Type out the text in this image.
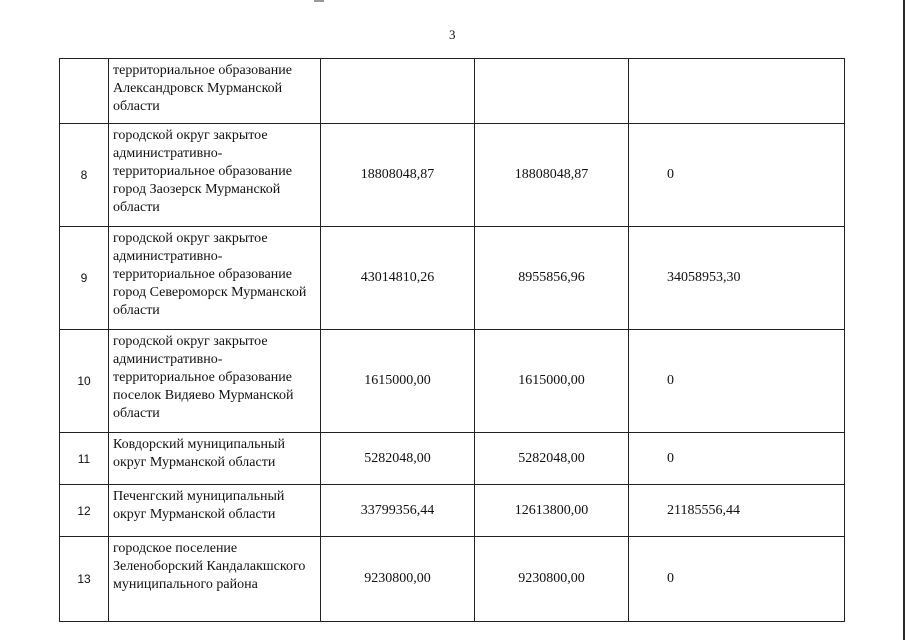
3
	территориальное образование Александровск Мурманской области			
8	городской округ закрытое административно-территориальное образование город Заозерск Мурманской области	18808048,87	18808048,87	0
9	городской округ закрытое административно-территориальное образование город Североморск Мурманской области	43014810,26	8955856,96	34058953,30
10	городской округ закрытое административно-территориальное образование поселок Видяево Мурманской области	1615000,00	1615000,00	0
11	Ковдорский муниципальный округ Мурманской области	5282048,00	5282048,00	0
12	Печенгский муниципальный округ Мурманской области	33799356,44	12613800,00	21185556,44
13	городское поселение Зеленоборский Кандалакшского муниципального района	9230800,00	9230800,00	0
